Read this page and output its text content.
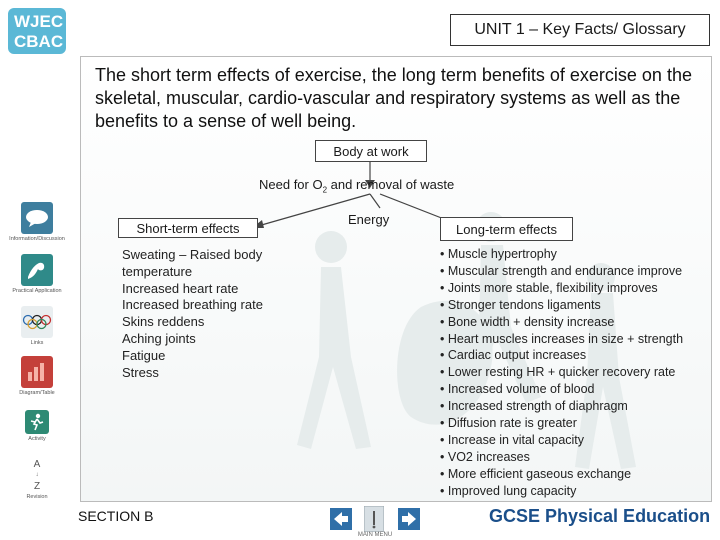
WJEC
CBAC
UNIT 1 – Key Facts/ Glossary
The short term effects of exercise, the long term benefits of exercise on the skeletal, muscular, cardio-vascular and respiratory systems as well as the benefits to a sense of well being.
Body at work
Need for $O_2$ and removal of waste
Energy
Short-term effects
Sweating – Raised body temperature
Increased heart rate
Increased breathing rate
Skins reddens
Aching joints
Fatigue
Stress
Long-term effects
• Muscle hypertrophy
• Muscular strength and endurance improve
• Joints more stable, flexibility improves
• Stronger tendons ligaments
• Bone width + density increase
• Heart muscles increases in size + strength
• Cardiac output increases
• Lower resting HR + quicker recovery rate
• Increased volume of blood
• Increased strength of diaphragm
• Diffusion rate is greater
• Increase in vital capacity
• VO2 increases
• More efficient gaseous exchange
• Improved lung capacity
Information/Discussion
Practical Application
Links
Diagram/Table
Activity
A
↓
Z
Revision
SECTION B
MAIN MENU
GCSE Physical Education
